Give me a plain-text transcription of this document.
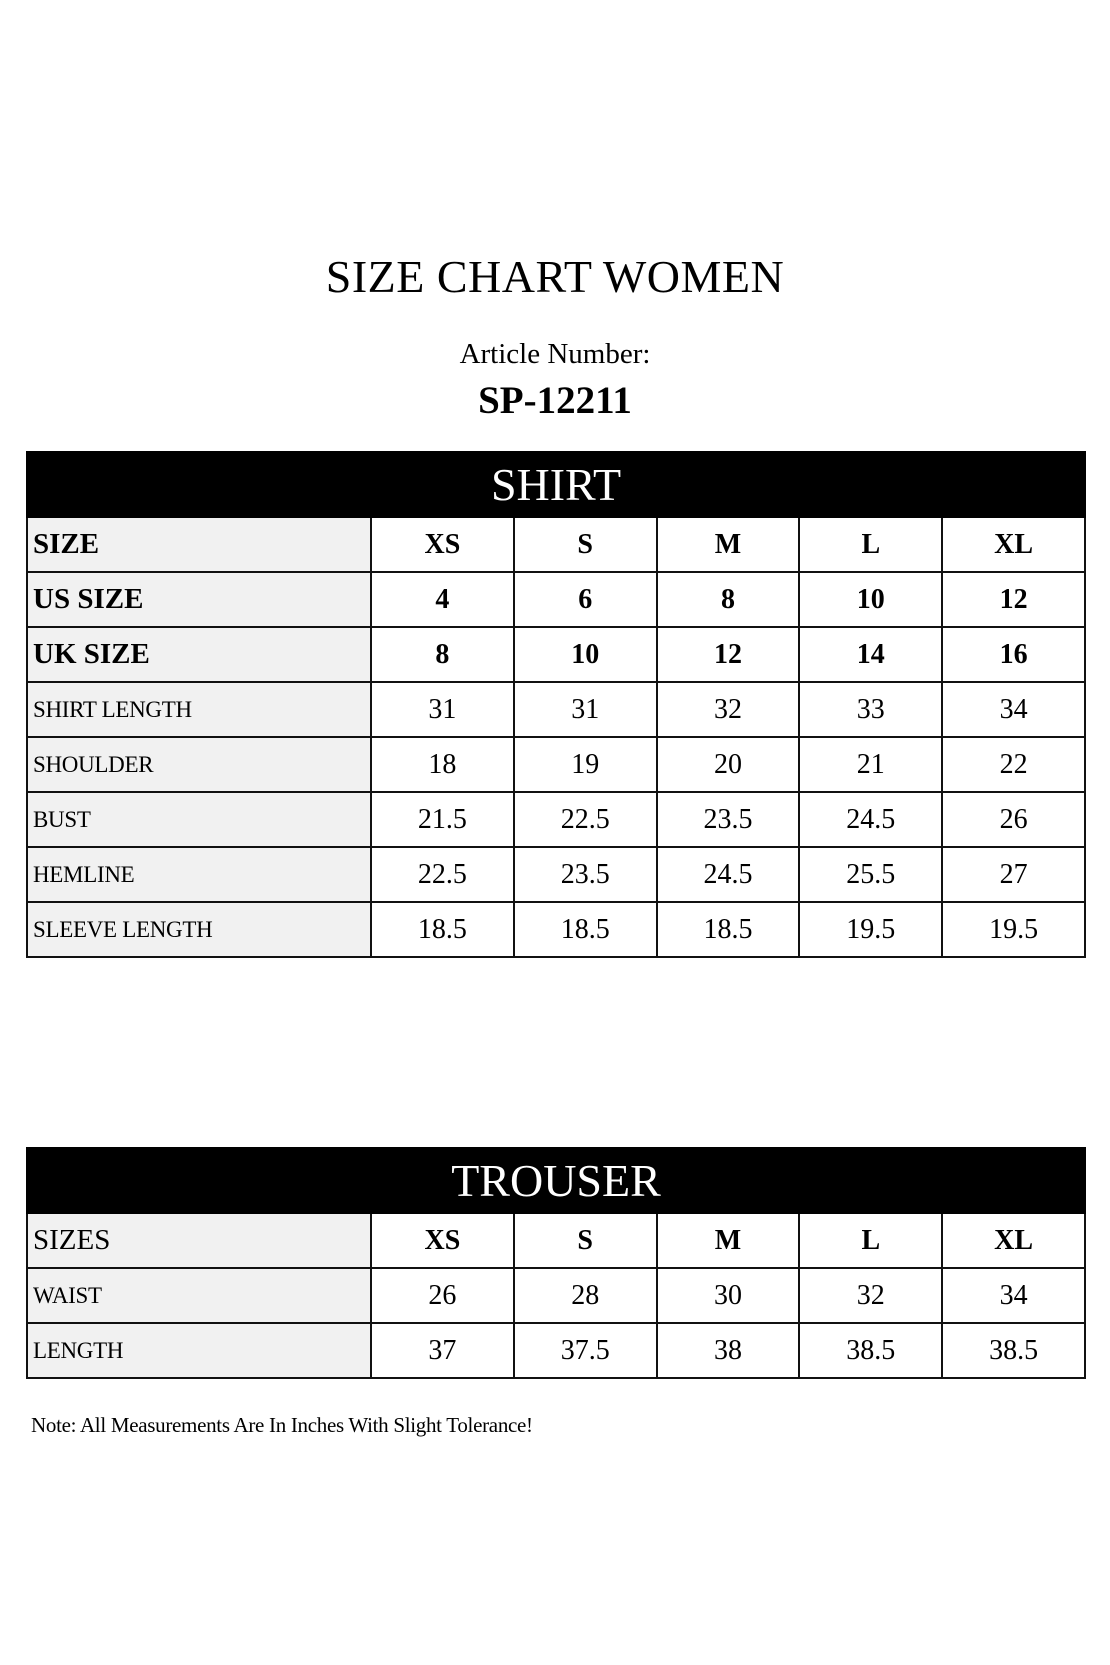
SIZE CHART WOMEN
Article Number:
SP-12211
SHIRT					
SIZE	XS	S	M	L	XL
US SIZE	4	6	8	10	12
UK SIZE	8	10	12	14	16
SHIRT LENGTH	31	31	32	33	34
SHOULDER	18	19	20	21	22
BUST	21.5	22.5	23.5	24.5	26
HEMLINE	22.5	23.5	24.5	25.5	27
SLEEVE LENGTH	18.5	18.5	18.5	19.5	19.5
TROUSER					
SIZES	XS	S	M	L	XL
WAIST	26	28	30	32	34
LENGTH	37	37.5	38	38.5	38.5
Note: All Measurements Are In Inches With Slight Tolerance!
